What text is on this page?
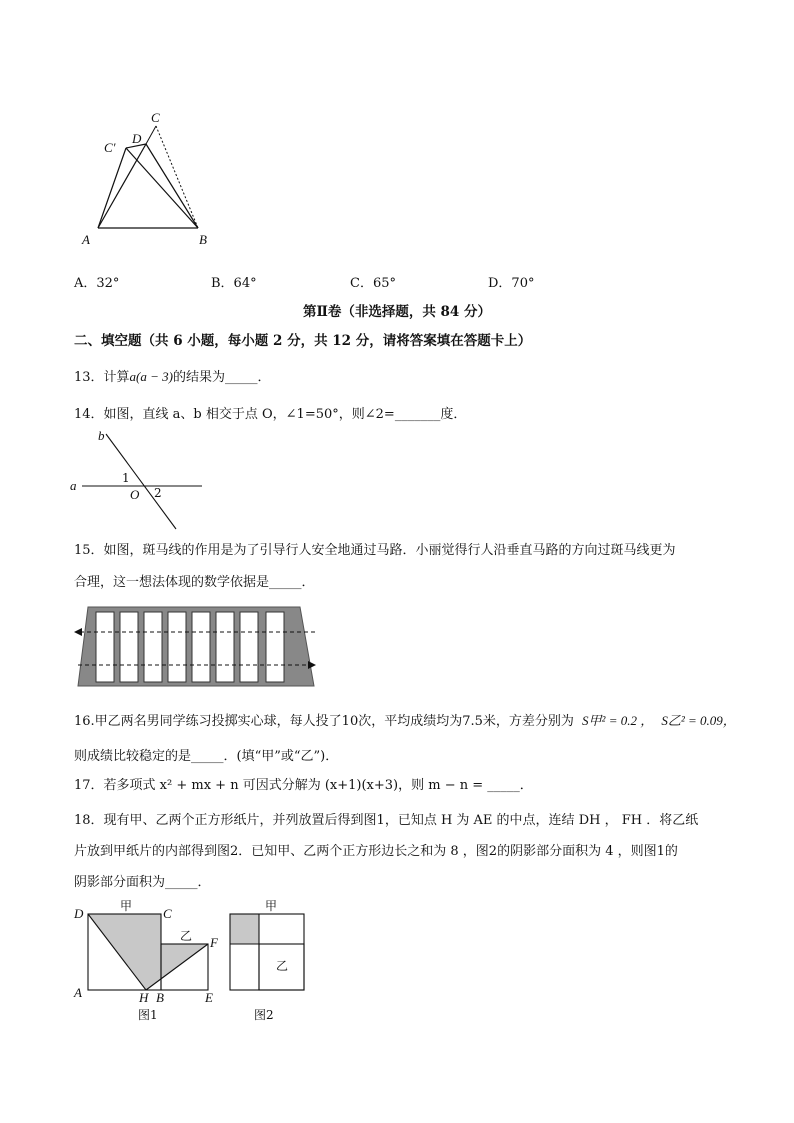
C
C′
D
A	B
A．32°	B．64°	C．65°	D．70°
第Ⅱ卷（非选择题，共 84 分）
二、填空题（共 6 小题，每小题 2 分，共 12 分，请将答案填在答题卡上）
13．计算a(a − 3)的结果为_____．
14．如图，直线 a、b 相交于点 O，∠1=50°，则∠2=_______度．
b
a	1
O 2
15．如图，斑马线的作用是为了引导行人安全地通过马路．小丽觉得行人沿垂直马路的方向过斑马线更为
合理，这一想法体现的数学依据是_____．
16.甲乙两名男同学练习投掷实心球，每人投了10次，平均成绩均为7.5米，方差分别为 S甲² = 0.2 ， S乙² = 0.09，
则成绩比较稳定的是_____．(填“甲”或“乙”)．
17．若多项式 x² + mx + n 可因式分解为 (x+1)(x+3)，则 m − n = _____．
18．现有甲、乙两个正方形纸片，并列放置后得到图1，已知点 H 为 AE 的中点，连结 DH ， FH ．将乙纸
片放到甲纸片的内部得到图2．已知甲、乙两个正方形边长之和为 8 ，图2的阴影部分面积为 4 ，则图1的
阴影部分面积为_____．
D	甲 C
乙 F
A	H B	E
图1
甲
乙
图2
